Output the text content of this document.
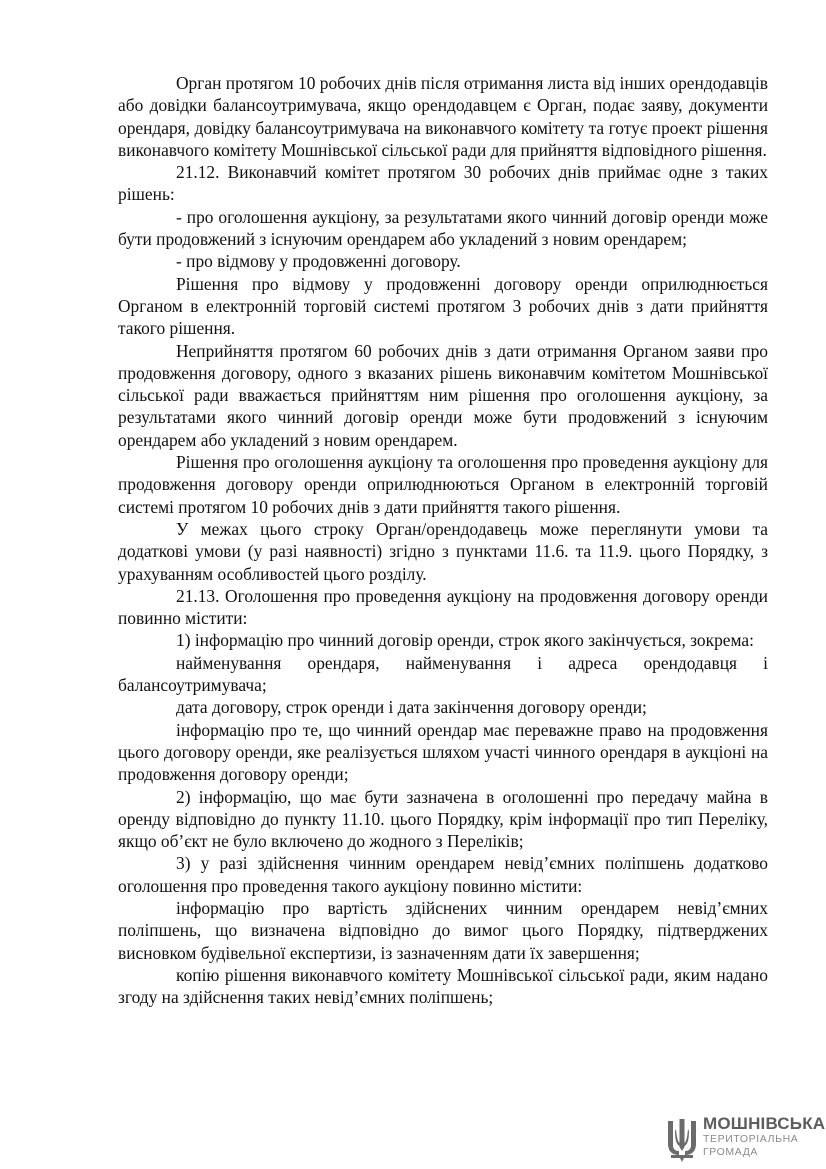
Орган протягом 10 робочих днів після отримання листа від інших орендодавців або довідки балансоутримувача, якщо орендодавцем є Орган, подає заяву, документи орендаря, довідку балансоутримувача на виконавчого комітету та готує проект рішення виконавчого комітету Мошнівської сільської ради для прийняття відповідного рішення.

21.12. Виконавчий комітет протягом 30 робочих днів приймає одне з таких рішень:

- про оголошення аукціону, за результатами якого чинний договір оренди може бути продовжений з існуючим орендарем або укладений з новим орендарем;

- про відмову у продовженні договору.

Рішення про відмову у продовженні договору оренди оприлюднюється Органом в електронній торговій системі протягом 3 робочих днів з дати прийняття такого рішення.

Неприйняття протягом 60 робочих днів з дати отримання Органом заяви про продовження договору, одного з вказаних рішень виконавчим комітетом Мошнівської сільської ради вважається прийняттям ним рішення про оголошення аукціону, за результатами якого чинний договір оренди може бути продовжений з існуючим орендарем або укладений з новим орендарем.

Рішення про оголошення аукціону та оголошення про проведення аукціону для продовження договору оренди оприлюднюються Органом в електронній торговій системі протягом 10 робочих днів з дати прийняття такого рішення.

У межах цього строку Орган/орендодавець може переглянути умови та додаткові умови (у разі наявності) згідно з пунктами 11.6. та 11.9. цього Порядку, з урахуванням особливостей цього розділу.

21.13. Оголошення про проведення аукціону на продовження договору оренди повинно містити:

1) інформацію про чинний договір оренди, строк якого закінчується, зокрема:

найменування орендаря, найменування і адреса орендодавця і балансоутримувача;

дата договору, строк оренди і дата закінчення договору оренди;

інформацію про те, що чинний орендар має переважне право на продовження цього договору оренди, яке реалізується шляхом участі чинного орендаря в аукціоні на продовження договору оренди;

2) інформацію, що має бути зазначена в оголошенні про передачу майна в оренду відповідно до пункту 11.10. цього Порядку, крім інформації про тип Переліку, якщо об’єкт не було включено до жодного з Переліків;

3) у разі здійснення чинним орендарем невід’ємних поліпшень додатково оголошення про проведення такого аукціону повинно містити:

інформацію про вартість здійснених чинним орендарем невід’ємних поліпшень, що визначена відповідно до вимог цього Порядку, підтверджених висновком будівельної експертизи, із зазначенням дати їх завершення;

копію рішення виконавчого комітету Мошнівської сільської ради, яким надано згоду на здійснення таких невід’ємних поліпшень;

МОШНІВСЬКА
ТЕРИТОРІАЛЬНА
ГРОМАДА
